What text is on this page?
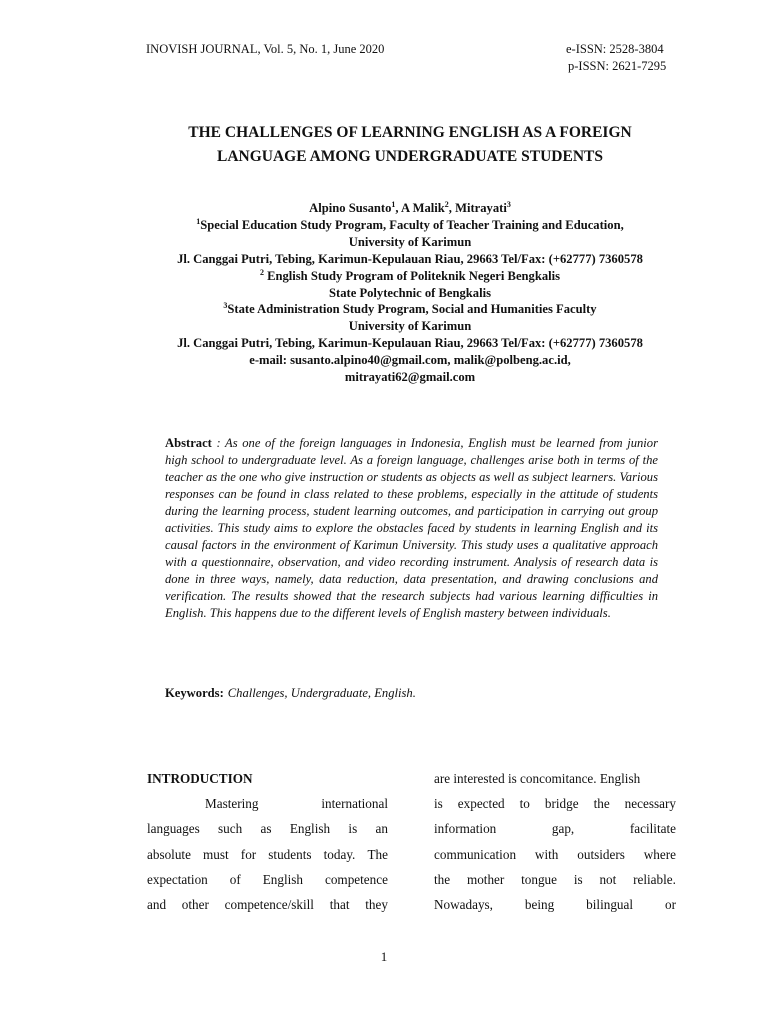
INOVISH JOURNAL, Vol. 5, No. 1, June 2020	e-ISSN: 2528-3804
p-ISSN: 2621-7295
THE CHALLENGES OF LEARNING ENGLISH AS A FOREIGN
LANGUAGE AMONG UNDERGRADUATE STUDENTS
Alpino Susanto$^1$, A Malik$^2$, Mitrayati$^3$
$^1$Special Education Study Program, Faculty of Teacher Training and Education,
University of Karimun
Jl. Canggai Putri, Tebing, Karimun-Kepulauan Riau, 29663 Tel/Fax: (+62777) 7360578
$^2$ English Study Program of Politeknik Negeri Bengkalis
State Polytechnic of Bengkalis
$^3$State Administration Study Program, Social and Humanities Faculty
University of Karimun
Jl. Canggai Putri, Tebing, Karimun-Kepulauan Riau, 29663 Tel/Fax: (+62777) 7360578
e-mail: susanto.alpino40@gmail.com, malik@polbeng.ac.id,
mitrayati62@gmail.com
Abstract : As one of the foreign languages in Indonesia, English must be learned from junior high school to undergraduate level. As a foreign language, challenges arise both in terms of the teacher as the one who give instruction or students as objects as well as subject learners. Various responses can be found in class related to these problems, especially in the attitude of students during the learning process, student learning outcomes, and participation in carrying out group activities. This study aims to explore the obstacles faced by students in learning English and its causal factors in the environment of Karimun University. This study uses a qualitative approach with a questionnaire, observation, and video recording instrument. Analysis of research data is done in three ways, namely, data reduction, data presentation, and drawing conclusions and verification. The results showed that the research subjects had various learning difficulties in English. This happens due to the different levels of English mastery between individuals.
Keywords: Challenges, Undergraduate, English.
INTRODUCTION
Mastering	international
languages such as English is an
absolute must for students today. The
expectation of English competence
and other competence/skill that they
are interested is concomitance. English
is expected to bridge the necessary
information	gap,	facilitate
communication with outsiders where
the mother tongue is not reliable.
Nowadays, being bilingual or
1
